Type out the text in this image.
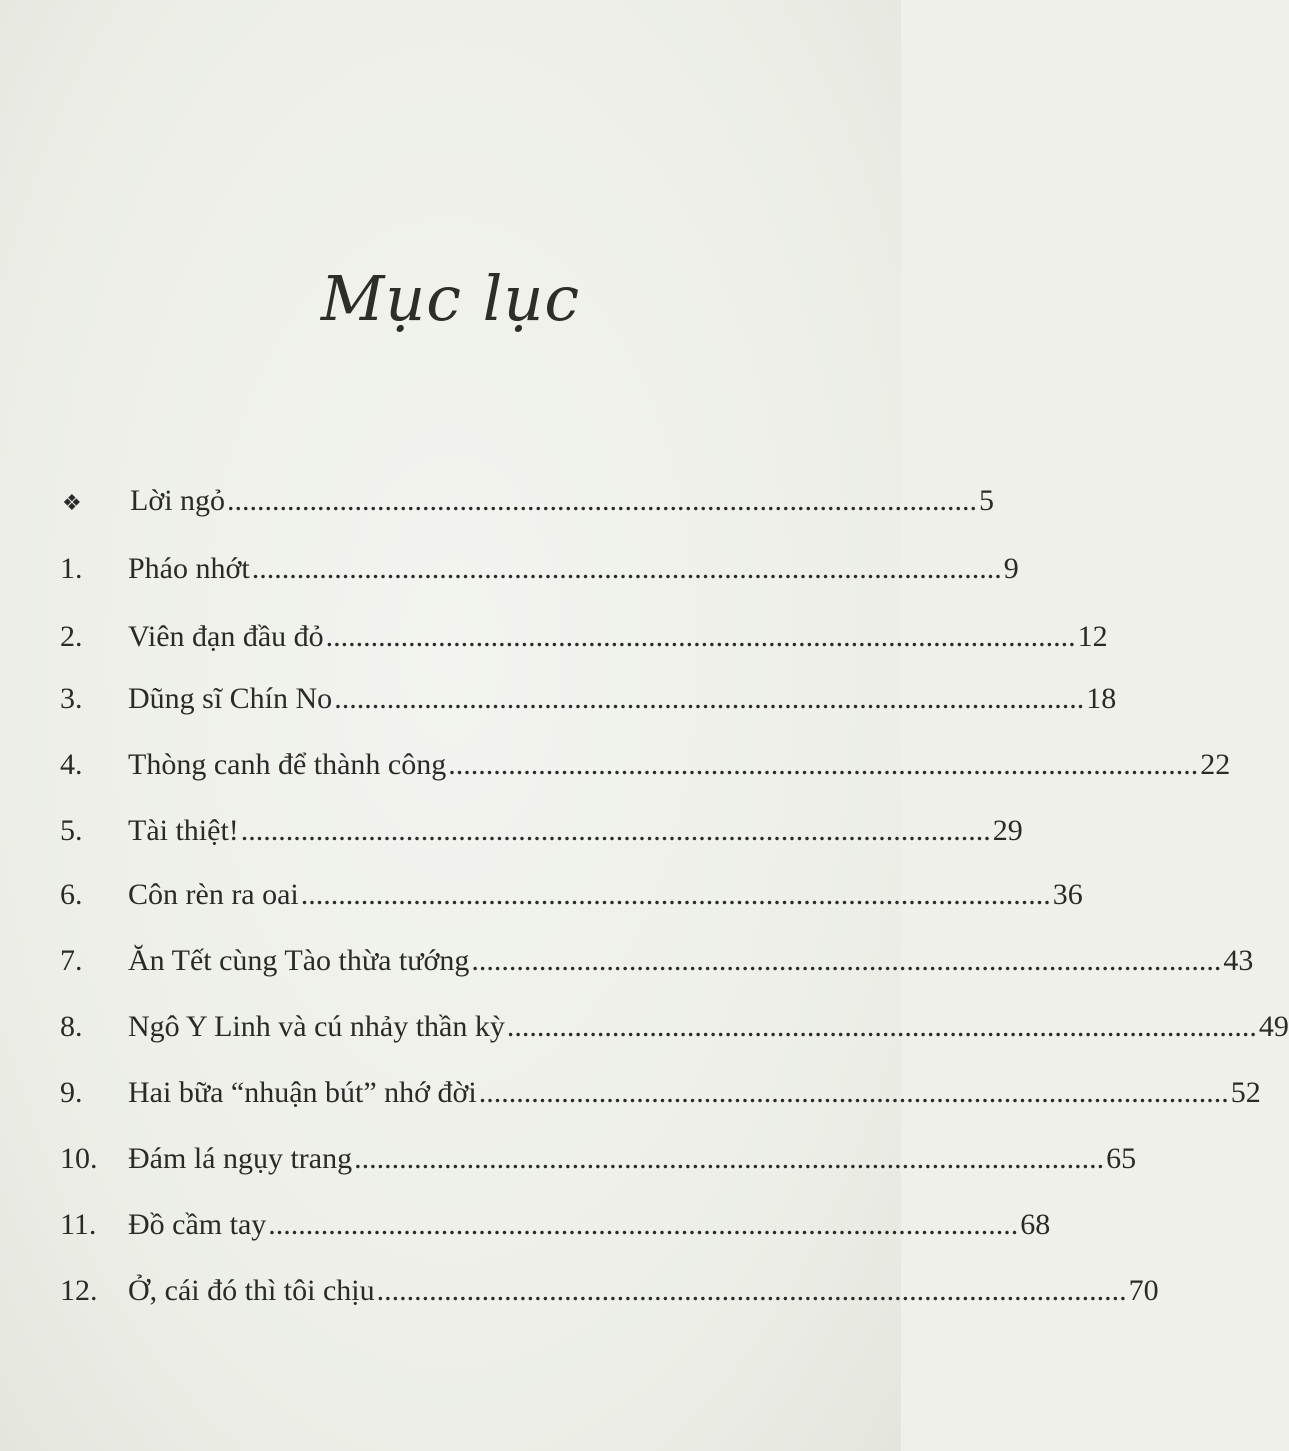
Mục lục
❖	Lời ngỏ .................................................................................................... 5
1.	Pháo nhớt .................................................................................................... 9
2.	Viên đạn đầu đỏ .................................................................................................... 12
3.	Dũng sĩ Chín No .................................................................................................... 18
4.	Thòng canh để thành công .................................................................................................... 22
5.	Tài thiệt! .................................................................................................... 29
6.	Côn rèn ra oai .................................................................................................... 36
7.	Ăn Tết cùng Tào thừa tướng .................................................................................................... 43
8.	Ngô Y Linh và cú nhảy thần kỳ .................................................................................................... 49
9.	Hai bữa “nhuận bút” nhớ đời .................................................................................................... 52
10.	Đám lá ngụy trang .................................................................................................... 65
11.	Đồ cầm tay .................................................................................................... 68
12.	Ở, cái đó thì tôi chịu .................................................................................................... 70
